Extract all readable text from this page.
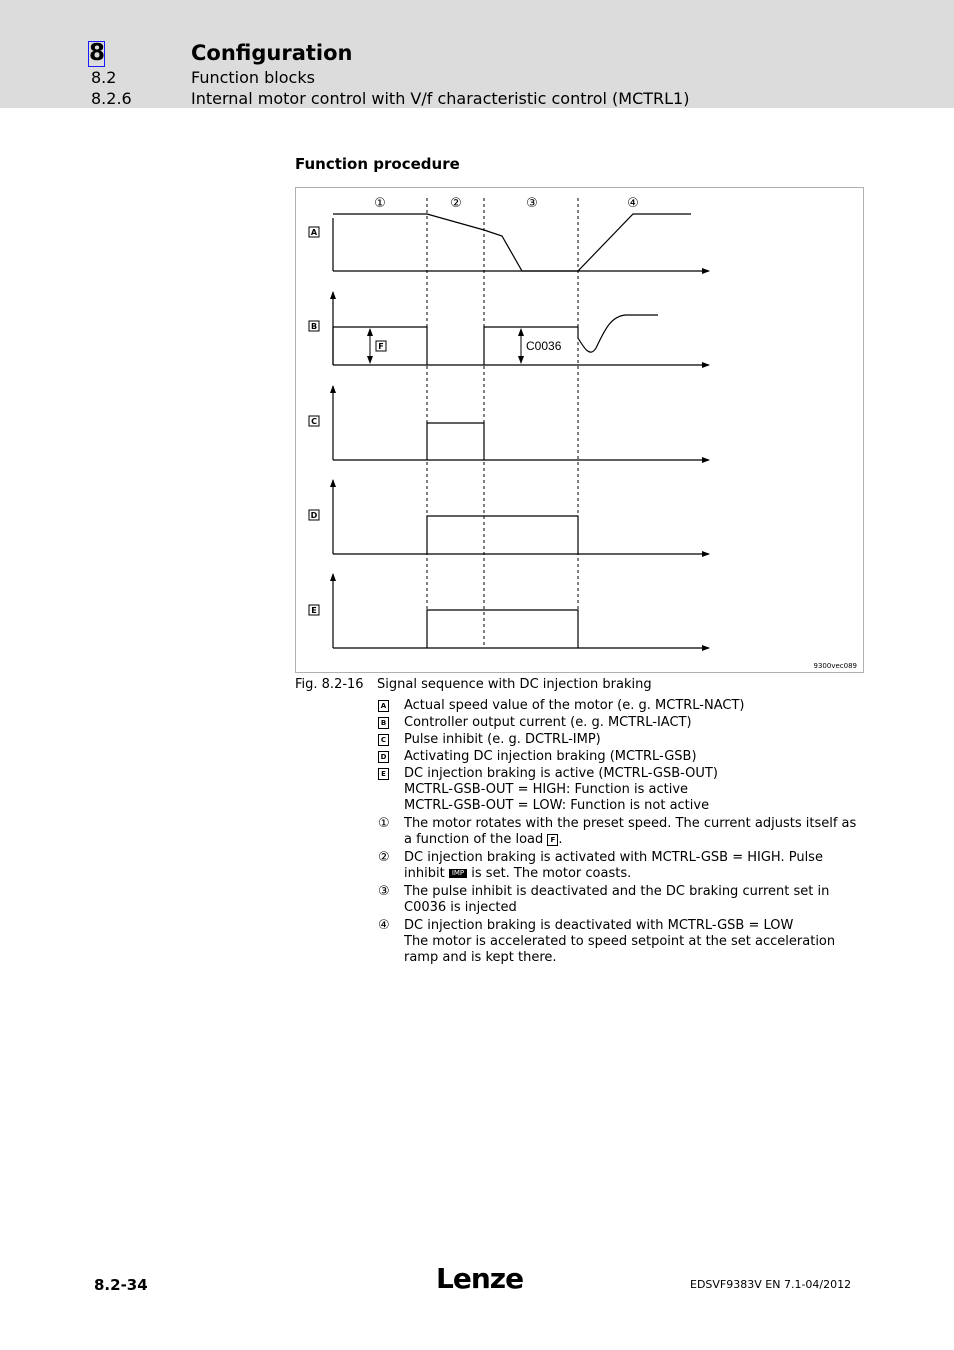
8	Configuration
8.2	Function blocks
8.2.6	Internal motor control with V/f characteristic control (MCTRL1)
Function procedure
①	②	③	④
A
B
F	C0036
C
D
E
9300vec089
Fig. 8.2-16 Signal sequence with DC injection braking
A	Actual speed value of the motor (e. g. MCTRL-NACT)
B	Controller output current (e. g. MCTRL-IACT)
C	Pulse inhibit (e. g. DCTRL-IMP)
D	Activating DC injection braking (MCTRL-GSB)
E	DC injection braking is active (MCTRL-GSB-OUT)
MCTRL-GSB-OUT = HIGH: Function is active
MCTRL-GSB-OUT = LOW: Function is not active
①	The motor rotates with the preset speed. The current adjusts itself as a function of the load F .
②	DC injection braking is activated with MCTRL-GSB = HIGH. Pulse inhibit IMP is set. The motor coasts.
③	The pulse inhibit is deactivated and the DC braking current set in C0036 is injected
④	DC injection braking is deactivated with MCTRL-GSB = LOW
The motor is accelerated to speed setpoint at the set acceleration ramp and is kept there.
8.2-34	Lenze	EDSVF9383V EN 7.1-04/2012
